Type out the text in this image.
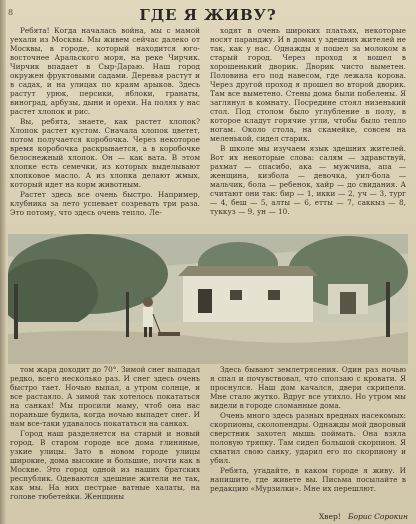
8	ГДЕ Я ЖИВУ?

Ребята! Когда началась война, мы с мамой уехали из Москвы. Мы живем сейчас далеко от Москвы, в городе, который находится юго-восточнее Аральского моря, на реке Чирчик. Чирчик впадает в Сыр-Дарью. Наш город окружен фруктовыми садами. Деревья растут и в садах, и на улицах по краям арыков. Здесь растут урюк, персики, яблоки, гранаты, виноград, арбузы, дыни и орехи. На полях у нас растет хлопок и рис.

Вы, ребята, знаете, как растет хлопок? Хлопок растет кустом. Сначала хлопок цветет, потом получается коробочка. Через некоторое время коробочка раскрывается, а в коробочке белоснежный хлопок. Он — как вата. В этом хлопке есть семечки, из которых выделывают хлопковое масло. А из хлопка делают жмых, который идет на корм животным.

Растет здесь все очень быстро. Например, клубника за лето успевает созревать три раза. Это потому, что здесь очень тепло. Ле-

ходят в очень широких платьях, некоторые носят паранджу. И в домах у здешних жителей не так, как у нас. Однажды я пошел за молоком в старый город. Через проход я вошел в хорошенький дворик. Дворик чисто выметен. Половина его под навесом, где лежала корова. Через другой проход я прошел во второй дворик. Там все выметено. Стены дома были побелены. Я заглянул в комнату. Посредине стоял низенький стол. Под столом было углубление в полу, в которое кладут горячие угли, чтобы было тепло ногам. Около стола, на скамейке, совсем на меленькой, сидел старик.

В школе мы изучаем язык здешних жителей. Вот их некоторые слова: салям — здравствуй, рахмат — спасибо, ака — мужчина, апа — женщина, кизбола — девочка, уил-бола — мальчик, бола — ребенок, хайр — до свидания. А считают они так: бир — 1, икки — 2, уч — 3, тург — 4, беш — 5, алты — 6, етты — 7, саккыз — 8, туккуз — 9, ун — 10.

том жара доходит до 70°. Зимой снег выпадал редко, всего несколько раз. И снег здесь очень быстро тает. Ночью выпал, а утром солнце, и все растаяло. А зимой так хотелось покататься на санках! Мы просили маму, чтоб она нас пораньше будила, когда ночью выпадет снег. И нам все-таки удавалось покататься на санках.

Город наш разделяется на старый и новый город. В старом городе все дома глиняные, узкие улицы. Зато в новом городе улицы широкие, дома высокие и большие, почти как в Москве. Это город одной из наших братских республик. Одеваются здешние жители не так, как мы. На них пестрые ватные халаты, на голове тюбетейки. Женщины

Здесь бывают землетрясения. Один раз ночью я спал и почувствовал, что сползаю с кровати. Я проснулся. Наш дом качался, двери скрипели. Мне стало жутко. Вдруг все утихло. Но утром мы видели в городе сломанные дома.

Очень много здесь разных вредных насекомых: скорпионы, сколопендры. Однажды мой дворовый сверстник захотел мышь поймать. Она взяла половую тряпку. Там сидел большой скорпион. Я схватил свою санку, ударил его по скорпиону и убил.

Ребята, угадайте, в каком городе я живу. И напишите, где живете вы. Письма посылайте в редакцию «Мурзилки». Мне их перешлют.

Хвер! Борис Сорокин
